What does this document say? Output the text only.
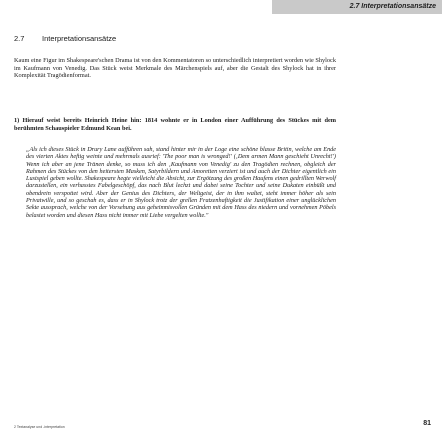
2.7 Interpretationsansätze
2.7 Interpretationsansätze
Kaum eine Figur im Shakespeare'schen Drama ist von den Kommentatoren so unterschiedlich interpretiert worden wie Shylock im Kaufmann von Venedig. Das Stück weist Merkmale des Märchenspiels auf, aber die Gestalt des Shylock hat in ihrer Komplexität Tragödienformat.
1) Hierauf weist bereits Heinrich Heine hin: 1814 wohnte er in London einer Aufführung des Stückes mit dem berühmten Schauspieler Edmund Kean bei.
„Als ich dieses Stück in Drury Lane aufführen sah, stand hinter mir in der Loge eine schöne blasse Britin, welche am Ende des vierten Aktes heftig weinte und mehrmals ausrief: 'The poor man is wronged!' (‚Dem armen Mann geschieht Unrecht!') Wenn ich aber an jene Tränen denke, so muss ich den ‚Kaufmann von Venedig' zu den Tragödien rechnen, obgleich der Rahmen des Stückes von den heitersten Masken, Satyrbildern und Amoretten verziert ist und auch der Dichter eigentlich ein Lustspiel geben wollte. Shakespeare hegte vielleicht die Absicht, zur Ergötzung des großen Haufens einen gedrillten Werwolf darzustellen, ein verhasstes Fabelgeschöpf, das nach Blut lechzt und dabei seine Tochter und seine Dukaten einbüßt und obendrein verspottet wird. Aber der Genius des Dichters, der Weltgeist, der in ihm waltet, steht immer höher als sein Privatwille, und so geschah es, dass er in Shylock trotz der grellen Fratzenhaftigkeit die Justifikation einer unglücklichen Sekte aussprach, welche von der Vorsehung aus geheimnisvollen Gründen mit dem Hass des niedern und vornehmen Pöbels belastet worden und diesen Hass nicht immer mit Liebe vergelten wollte."
2 Textanalyse und -interpretation	81
